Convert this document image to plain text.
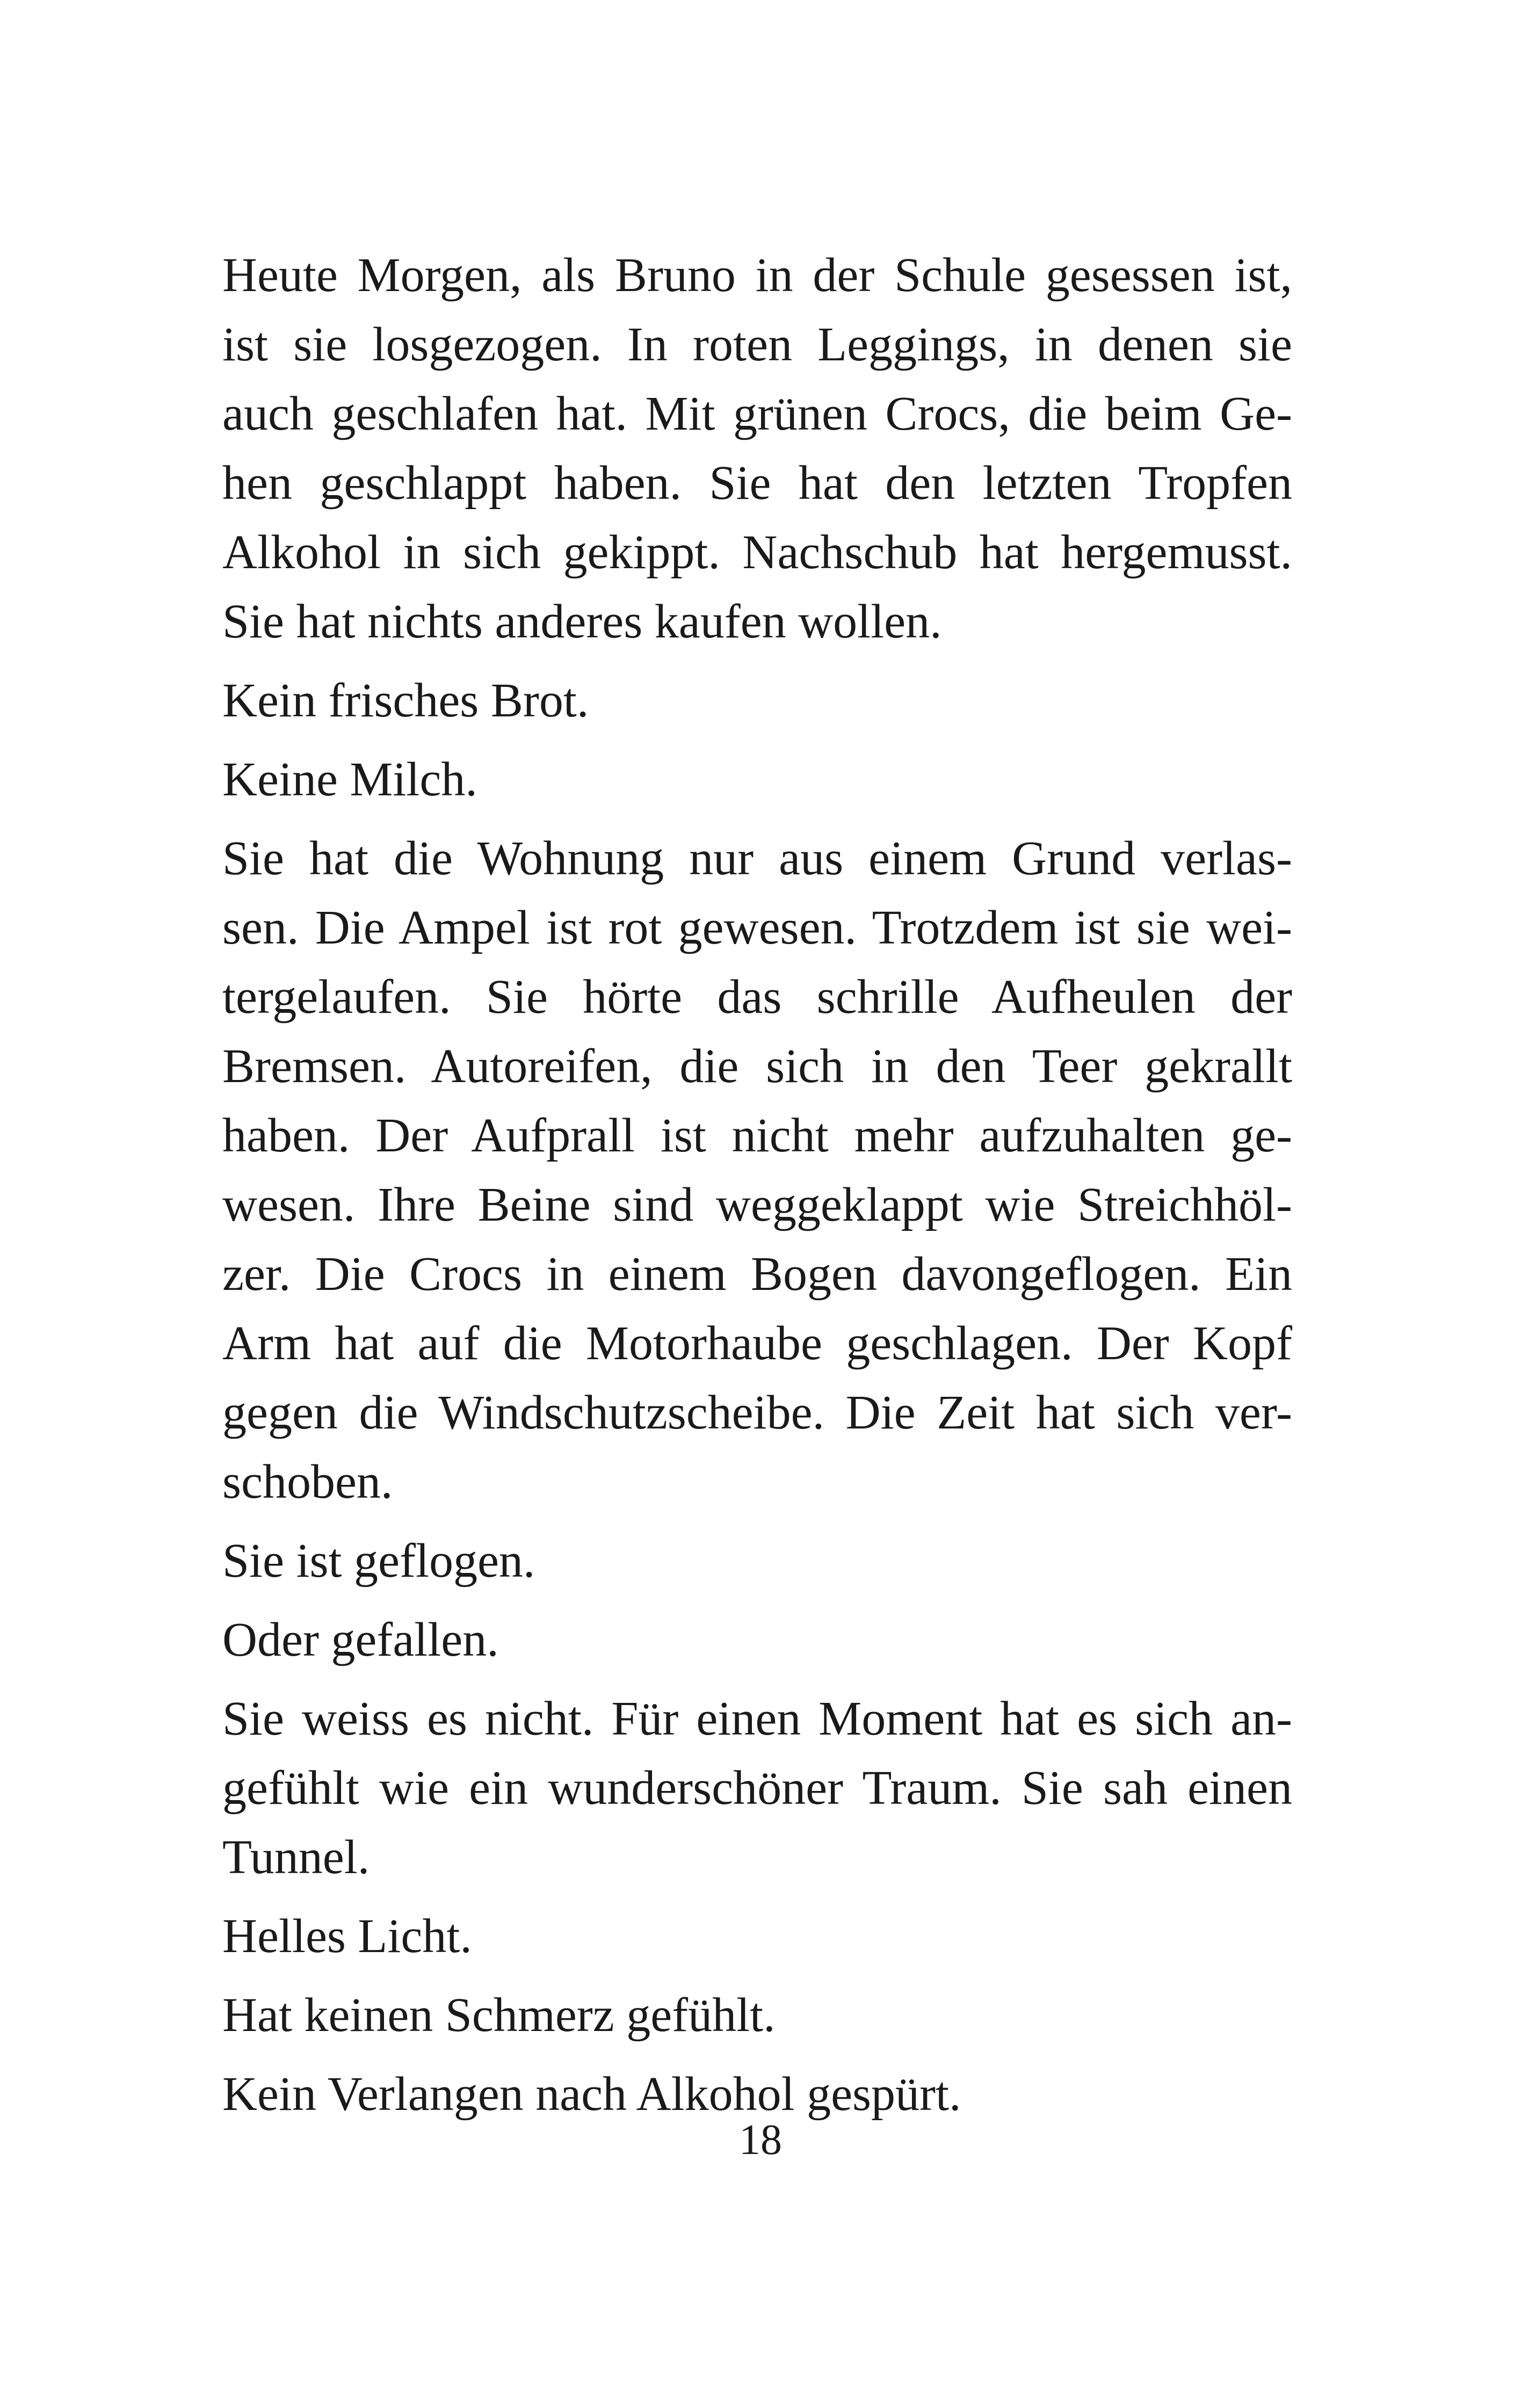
Heute Morgen, als Bruno in der Schule gesessen ist,
ist sie losgezogen. In roten Leggings, in denen sie
auch geschlafen hat. Mit grünen Crocs, die beim Ge-
hen geschlappt haben. Sie hat den letzten Tropfen
Alkohol in sich gekippt. Nachschub hat hergemusst.
Sie hat nichts anderes kaufen wollen.

Kein frisches Brot.

Keine Milch.

Sie hat die Wohnung nur aus einem Grund verlas-
sen. Die Ampel ist rot gewesen. Trotzdem ist sie wei-
tergelaufen. Sie hörte das schrille Aufheulen der
Bremsen. Autoreifen, die sich in den Teer gekrallt
haben. Der Aufprall ist nicht mehr aufzuhalten ge-
wesen. Ihre Beine sind weggeklappt wie Streichhöl-
zer. Die Crocs in einem Bogen davongeflogen. Ein
Arm hat auf die Motorhaube geschlagen. Der Kopf
gegen die Windschutzscheibe. Die Zeit hat sich ver-
schoben.

Sie ist geflogen.

Oder gefallen.

Sie weiss es nicht. Für einen Moment hat es sich an-
gefühlt wie ein wunderschöner Traum. Sie sah einen
Tunnel.

Helles Licht.

Hat keinen Schmerz gefühlt.

Kein Verlangen nach Alkohol gespürt.

18
